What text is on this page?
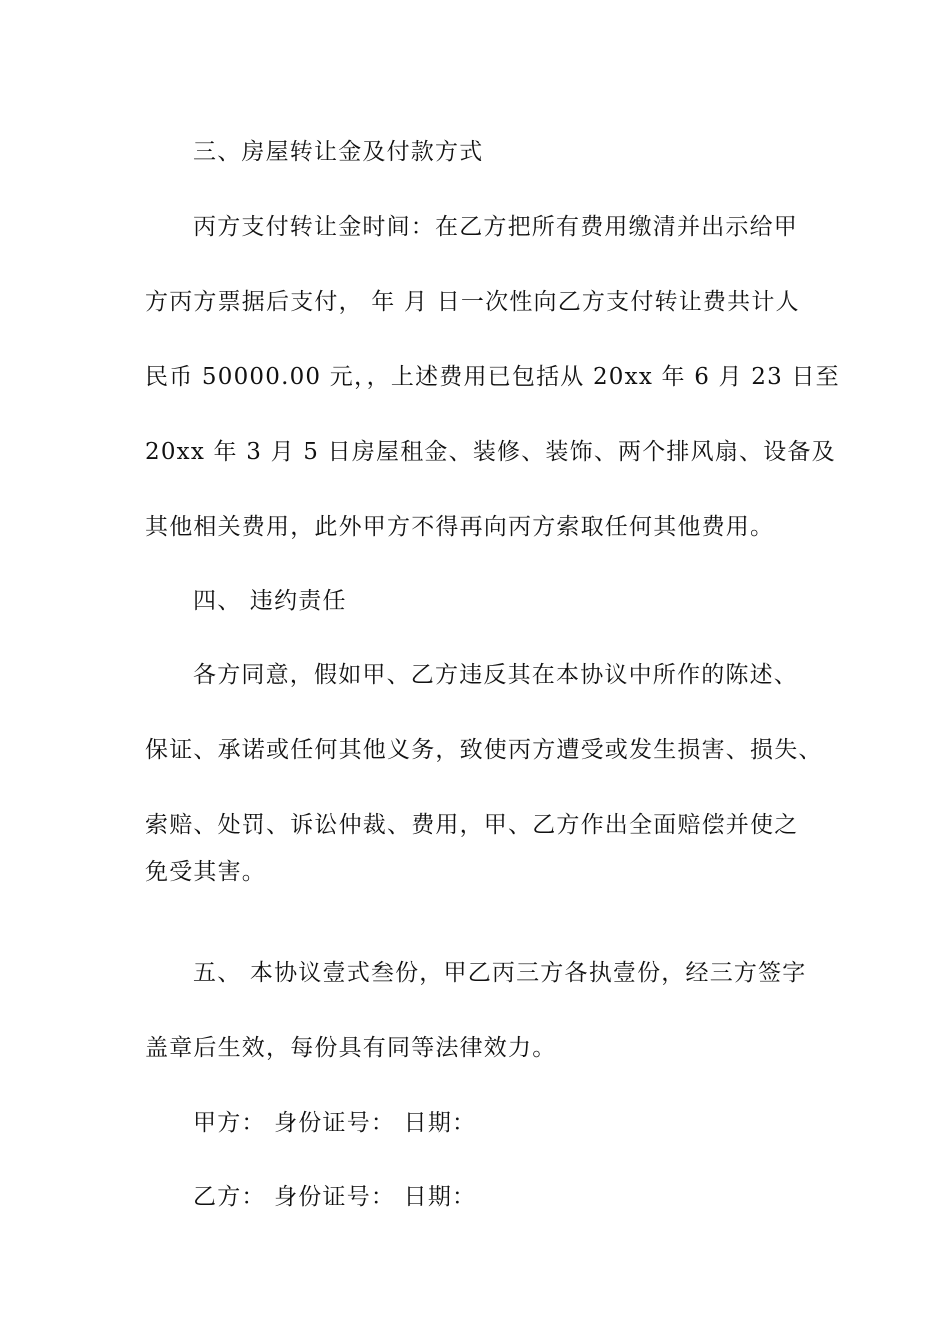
三、房屋转让金及付款方式
丙方支付转让金时间：在乙方把所有费用缴清并出示给甲
方丙方票据后支付， 年 月 日一次性向乙方支付转让费共计人
民币 50000.00 元，，上述费用已包括从 20xx 年 6 月 23 日至
20xx 年 3 月 5 日房屋租金、装修、装饰、两个排风扇、设备及
其他相关费用，此外甲方不得再向丙方索取任何其他费用。
四、 违约责任
各方同意，假如甲、乙方违反其在本协议中所作的陈述、
保证、承诺或任何其他义务，致使丙方遭受或发生损害、损失、
索赔、处罚、诉讼仲裁、费用，甲、乙方作出全面赔偿并使之
免受其害。
五、 本协议壹式叁份，甲乙丙三方各执壹份，经三方签字
盖章后生效，每份具有同等法律效力。
甲方： 身份证号： 日期：
乙方： 身份证号： 日期：
